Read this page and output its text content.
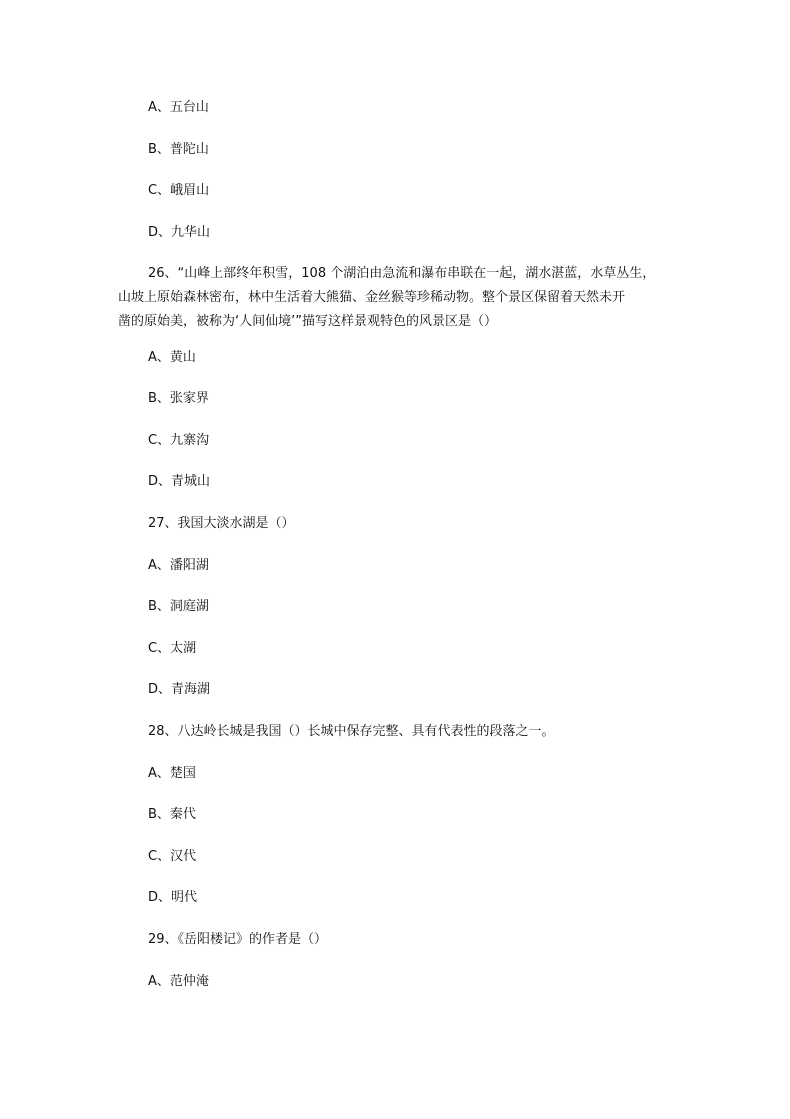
A、五台山
B、普陀山
C、峨眉山
D、九华山
26、“山峰上部终年积雪，108 个湖泊由急流和瀑布串联在一起，湖水湛蓝，水草丛生，
山坡上原始森林密布，林中生活着大熊猫、金丝猴等珍稀动物。整个景区保留着天然未开
凿的原始美，被称为‘人间仙境’”描写这样景观特色的风景区是（）
A、黄山
B、张家界
C、九寨沟
D、青城山
27、我国大淡水湖是（）
A、潘阳湖
B、洞庭湖
C、太湖
D、青海湖
28、八达岭长城是我国（）长城中保存完整、具有代表性的段落之一。
A、楚国
B、秦代
C、汉代
D、明代
29、《岳阳楼记》的作者是（）
A、范仲淹
